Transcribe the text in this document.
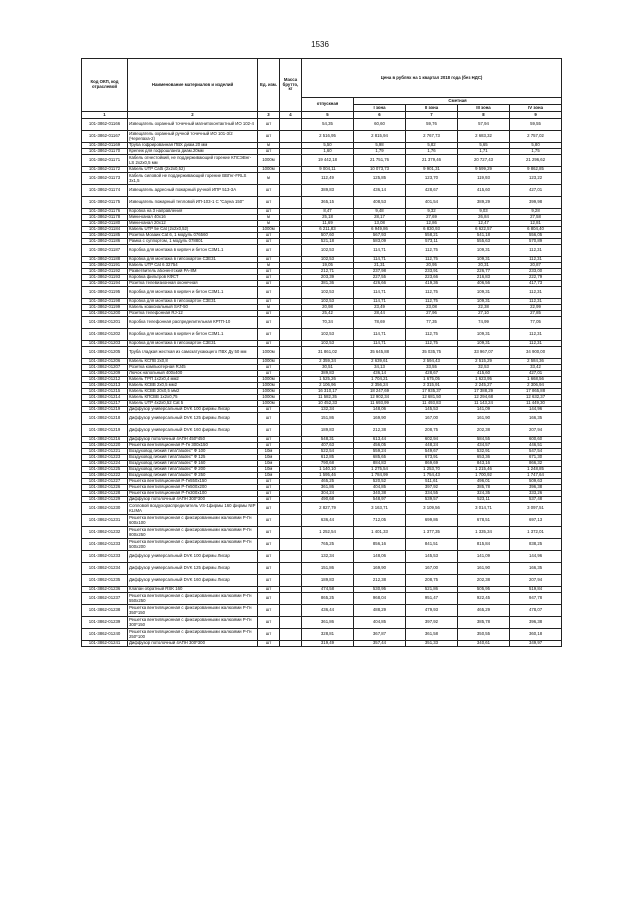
1536
Код ОКП, код отраслевой	Наименование материалов и изделий	Ед. изм.	Масса брутто, кг	Цена в рублях на 1 квартал 2018 года (без НДС)				
				отпускная	Сметная			
					I зона	II зона	III зона	IV зона
1	2	3	4	5	6	7	8	9
101-3862-01166	Извещатель охранный точечный магнитоконтактный ИО 102-4	шт		54,35	60,60	59,76	57,94	59,55
101-3862-01167	Извещатель охранный ручной точечный ИО 101-3/2 (Черепаха-2)	шт		2 516,95	2 815,94	2 767,73	2 683,32	2 757,02
101-3862-01169	Труба гофрированная ПВХ диам.20 мм	м		5,50	5,98	5,82	5,65	5,80
101-3862-01170	Крепеж для гофрошланга диам.20мм	шт		1,60	1,79	1,76	1,71	1,75
101-3862-01171	Кабель огнестойкий, не поддерживающий горение КПСЭВнг-LS 2х2х0,5 мм	1000м		19 442,18	21 751,76	21 379,46	20 727,43	21 296,62
101-3862-01172	Кабель UTP Cat5 (2х2х0,52)	1000м		9 004,11	10 073,73	9 901,31	9 599,29	9 862,85
101-3862-01173	Кабель силовой не поддерживающий горение ВВГнг-FRLS 3х1,5	м		112,49	125,85	123,70	119,93	123,22
101-3862-01174	Извещатель адресный пожарный ручной ИПР 513-3А	шт		389,83	436,14	428,67	415,60	427,01
101-3862-01175	Извещатель пожарный тепловой ИП-103-1 С "Сауна 150"	шт		365,15	408,53	401,54	389,29	399,98
101-3862-01176	Коробка на 3 направления	шт		8,47	9,48	9,32	9,03	9,28
101-3862-01178	Мини-канал 40х16	м		25,18	28,17	27,69	26,84	27,58
101-3862-01180	Мини-канал 20х12	м		11,69	13,08	12,86	12,47	12,81
101-3862-01184	Кабель UTP 5е Cat (2х2х0,52)	1000м		6 211,83	6 949,86	6 830,93	6 622,57	6 804,40
101-3862-01185	Розетка Мозаик Cat 6, 1 модуль 076560	шт		507,60	567,93	558,21	541,18	556,05
101-3862-01186	Рамка с суппортом, 1 модуль 078801	шт		521,18	583,09	573,11	555,63	570,89
101-3862-01187	Коробка для монтажа в кирпич и бетон СЗМ1.1	шт		102,53	114,71	112,75	109,31	112,31
101-3862-01188	Коробка для монтажа в гипсокартон СЗЕ31	шт		102,53	114,71	112,75	109,31	112,31
101-3862-01191	Кабель UTP Cat 6 32754	м		19,05	21,31	20,95	20,31	20,87
101-3862-01192	Разветвитель абонентский РА-8М	шт		212,71	237,98	233,91	226,77	233,00
101-3862-01193	Коробка фильтров КФСТ	шт		203,39	227,55	223,66	216,83	222,79
101-3862-01194	Розетка телевизионная оконечная	шт		381,36	426,66	419,36	406,56	417,73
101-3862-01195	Коробка для монтажа в кирпич и бетон СЗМ1.1	шт		102,53	114,71	112,75	109,31	112,31
101-3862-01198	Коробка для монтажа в гипсокартон СЗЕ31	шт		102,53	114,71	112,75	109,31	112,31
101-3862-01199	Кабель коаксиальный SAT-50	м		20,98	23,49	23,08	22,38	22,99
101-3862-01200	Розетка телефонная RJ-12	шт		25,42	28,44	27,96	27,10	27,85
101-3862-01201	Коробка телефонная распределительная КРТП-10	шт		70,34	78,69	77,35	74,99	77,05
101-3862-01202	Коробка для монтажа в кирпич и бетон СЗМ1.1	шт		102,53	114,71	112,75	109,31	112,31
101-3862-01203	Коробка для монтажа в гипсокартон СЗЕ31	шт		102,53	114,71	112,75	109,31	112,31
101-3862-01205	Труба гладкая жесткая из самозатухающего ПВХ Ду 50 мм	1000м		31 861,02	35 645,88	35 035,75	33 967,07	34 900,00
101-3862-01206	Кабель КСПВ 2х0,8	1000м		2 359,34	2 639,61	2 594,43	2 515,29	2 584,36
101-3862-01207	Розетка компьютерная RJ45	шт		30,51	34,13	33,55	32,53	33,42
101-3862-01209	Лючок напольный 400х400	шт		389,83	436,14	428,67	415,60	427,01
101-3862-01212	Кабель ТРП 1х2х0,4 мм2	1000м		1 525,26	1 704,21	1 675,05	1 623,95	1 668,56
101-3862-01213	Кабель КСВВ 2х0,5 мм2	1000м		2 106,96	2 356,24	2 315,91	2 245,27	2 306,94
101-3862-01215	Кабель КСВВ 20х0,5 мм2	1000м		16 310,17	18 247,69	17 935,37	17 388,29	17 865,88
101-3862-01214	Кабель КПСВВ 1х2х0,75	1000м		11 582,35	12 902,34	12 681,50	12 294,68	12 632,37
101-3862-01217	Кабель UTP 4х2х0,52 Cat 5	1000м		10 452,33	11 693,99	11 493,83	11 143,24	11 449,30
101-3862-01219	Диффузор универсальный DVK 100 фирмы Лисар	шт		132,34	148,06	145,53	141,09	144,96
101-3862-01218	Диффузор универсальный DVK 125 фирмы Лисар	шт		151,86	169,90	167,00	161,90	166,35
101-3862-01219	Диффузор универсальный DVK 160 фирмы Лисар	шт		189,83	212,38	208,75	202,38	207,94
101-3862-01216	Диффузор потолочный 4АПН 450*450	шт		548,31	613,44	602,94	584,55	600,60
101-3862-01220	Решетка вентиляционная Р-Гн 300х150	шт		407,63	456,05	448,24	434,57	446,51
101-3862-01221	Воздуховод гибкий типа"aludec" Ф 100	10м		522,54	559,24	549,67	532,91	547,54
101-3862-01223	Воздуховод гибкий типа"aludec" Ф 125	10м		612,85	685,65	673,91	653,36	671,30
101-3862-01224	Воздуховод гибкий типа"aludec" Ф 160	10м		790,68	884,83	869,69	843,16	866,32
101-3862-01225	Воздуховод гибкий типа"aludec" Ф 200	10м		1 140,10	1 275,54	1 253,70	1 215,46	1 248,85
101-3862-01222	Воздуховод гибкий типа"aludec" Ф 250	10м		1 595,46	1 784,99	1 754,43	1 700,92	1 747,64
101-3862-01227	Решетка вентиляционная Р-Гн550х150	шт		465,25	520,52	511,61	496,01	509,63
101-3862-01226	Решетка вентиляционная Р-Гн500х200	шт		361,86	404,85	397,92	385,78	396,38
101-3862-01228	Решетка вентиляционная Р-Гн300х100	шт		304,24	340,38	334,55	324,35	333,26
101-3862-01229	Диффузор потолочный 4АПН 300*300	шт		490,68	548,97	539,57	523,11	537,48
101-3862-01230	Сопловой воздухораспределитель VS-1фирмы 160 фирмы NIP KLIMA	шт		2 827,79	3 163,71	3 109,56	3 014,71	3 097,51
101-3862-01231	Решетка вентиляционная с фиксированными жалюзями Р-Гн 600х100	шт		636,44	712,05	699,86	678,51	697,13
101-3862-01232	Решетка вентиляционная с фиксированными жалюзями Р-Гн 800х250	шт		1 252,54	1 401,33	1 377,35	1 335,34	1 372,01
101-3862-01233	Решетка вентиляционная с фиксированными жалюзями Р-Гн 500х200	шт		765,25	856,16	841,51	815,84	838,25
101-3862-01233	Диффузор универсальный DVK 100 фирмы Лисар	шт		132,34	148,06	145,53	141,09	144,96
101-3862-01234	Диффузор универсальный DVK 125 фирмы Лисар	шт		151,86	169,90	167,00	161,90	166,35
101-3862-01235	Диффузор универсальный DVK 160 фирмы Лисар	шт		189,83	212,38	208,75	202,38	207,94
101-3862-01236	Клапан обратный RSK 160	шт		474,58	530,95	521,86	505,95	519,84
101-3862-01237	Решетка вентиляционная с фиксированными жалюзями Р-Гн 550х250	шт		865,25	968,04	951,47	922,45	947,78
101-3862-01238	Решетка вентиляционная с фиксированными жалюзями Р-Гн 350*150	шт		436,44	488,29	479,93	465,29	478,07
101-3862-01239	Решетка вентиляционная с фиксированными жалюзями Р-Гн 300*150	шт		361,86	404,85	397,92	385,78	396,38
101-3862-01240	Решетка вентиляционная с фиксированными жалюзями Р-Гн 250*100	шт		328,81	367,87	361,58	350,55	360,18
101-3862-01241	Диффузор потолочный 4АПН 300*300	шт		319,49	357,44	351,33	340,61	349,97
